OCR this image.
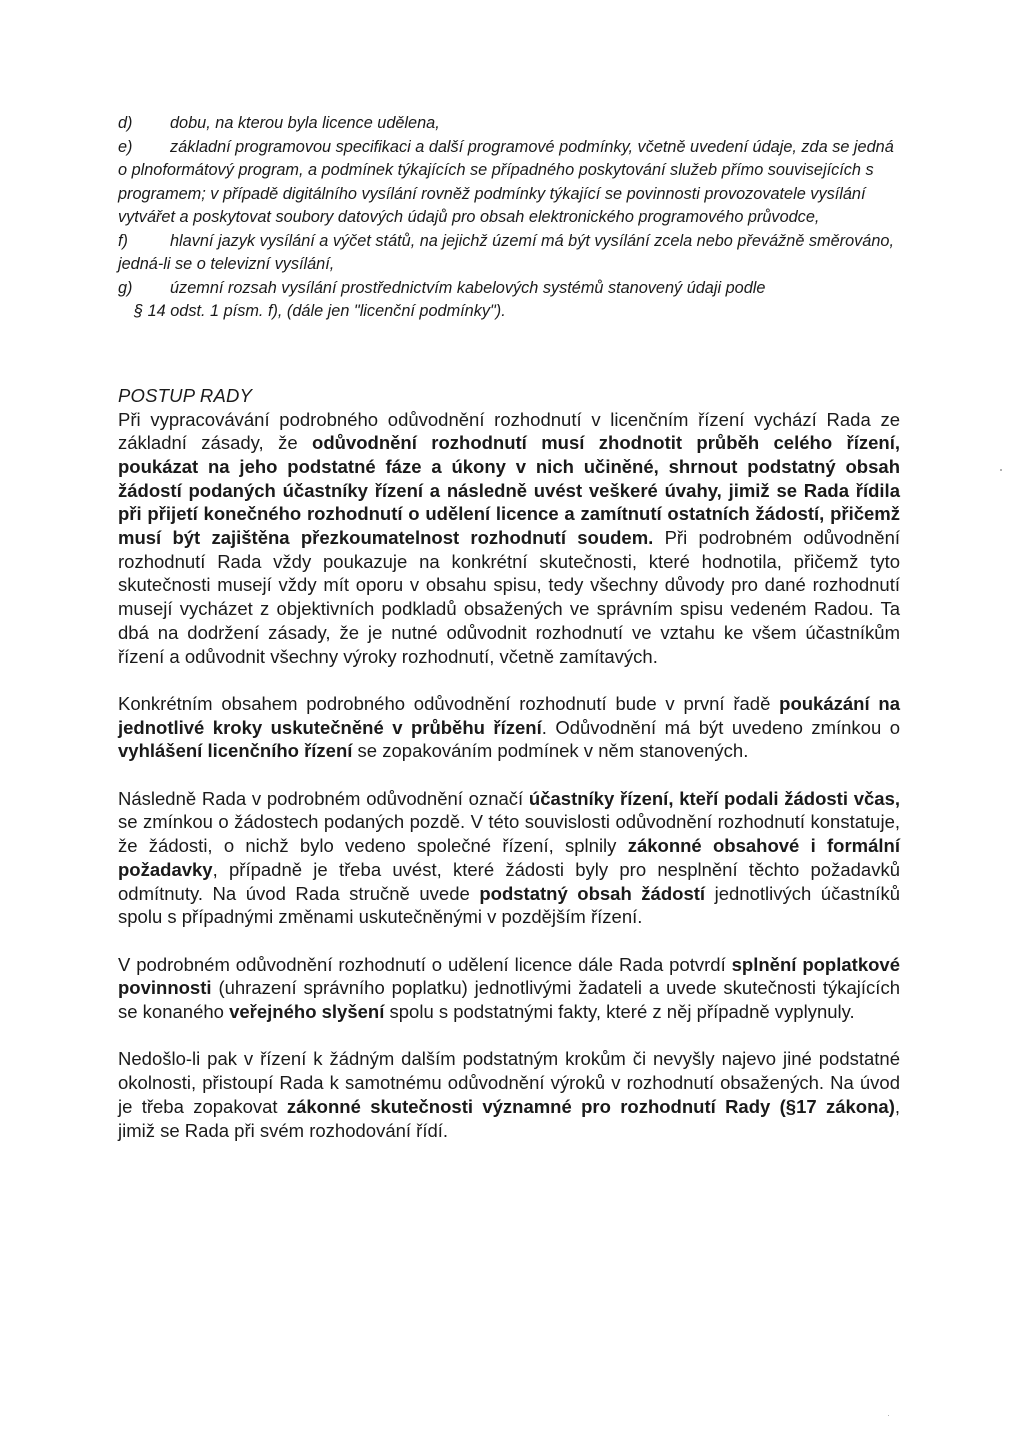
d) dobu, na kterou byla licence udělena,

e) základní programovou specifikaci a další programové podmínky, včetně uvedení údaje, zda se jedná o plnoformátový program, a podmínek týkajících se případného poskytování služeb přímo souvisejících s programem; v případě digitálního vysílání rovněž podmínky týkající se povinnosti provozovatele vysílání vytvářet a poskytovat soubory datových údajů pro obsah elektronického programového průvodce,

f)	hlavní jazyk vysílání a výčet států, na jejichž území má být vysílání zcela nebo převážně směrováno, jedná-li se o televizní vysílání,

g) územní rozsah vysílání prostřednictvím kabelových systémů stanovený údaji podle
§ 14 odst. 1 písm. f), (dále jen "licenční podmínky").

POSTUP RADY

Při vypracovávání podrobného odůvodnění rozhodnutí v licenčním řízení vychází Rada ze základní zásady, že odůvodnění rozhodnutí musí zhodnotit průběh celého řízení, poukázat na jeho podstatné fáze a úkony v nich učiněné, shrnout podstatný obsah žádostí podaných účastníky řízení a následně uvést veškeré úvahy, jimiž se Rada řídila při přijetí konečného rozhodnutí o udělení licence a zamítnutí ostatních žádostí, přičemž musí být zajištěna přezkoumatelnost rozhodnutí soudem. Při podrobném odůvodnění rozhodnutí Rada vždy poukazuje na konkrétní skutečnosti, které hodnotila, přičemž tyto skutečnosti musejí vždy mít oporu v obsahu spisu, tedy všechny důvody pro dané rozhodnutí musejí vycházet z objektivních podkladů obsažených ve správním spisu vedeném Radou. Ta dbá na dodržení zásady, že je nutné odůvodnit rozhodnutí ve vztahu ke všem účastníkům řízení a odůvodnit všechny výroky rozhodnutí, včetně zamítavých.

Konkrétním obsahem podrobného odůvodnění rozhodnutí bude v první řadě poukázání na jednotlivé kroky uskutečněné v průběhu řízení. Odůvodnění má být uvedeno zmínkou o vyhlášení licenčního řízení se zopakováním podmínek v něm stanovených.

Následně Rada v podrobném odůvodnění označí účastníky řízení, kteří podali žádosti včas, se zmínkou o žádostech podaných pozdě. V této souvislosti odůvodnění rozhodnutí konstatuje, že žádosti, o nichž bylo vedeno společné řízení, splnily zákonné obsahové i formální požadavky, případně je třeba uvést, které žádosti byly pro nesplnění těchto požadavků odmítnuty. Na úvod Rada stručně uvede podstatný obsah žádostí jednotlivých účastníků spolu s případnými změnami uskutečněnými v pozdějším řízení.

V podrobném odůvodnění rozhodnutí o udělení licence dále Rada potvrdí splnění poplatkové povinnosti (uhrazení správního poplatku) jednotlivými žadateli a uvede skutečnosti týkajících se konaného veřejného slyšení spolu s podstatnými fakty, které z něj případně vyplynuly.

Nedošlo-li pak v řízení k žádným dalším podstatným krokům či nevyšly najevo jiné podstatné okolnosti, přistoupí Rada k samotnému odůvodnění výroků v rozhodnutí obsažených. Na úvod je třeba zopakovat zákonné skutečnosti významné pro rozhodnutí Rady (§17 zákona), jimiž se Rada při svém rozhodování řídí.
